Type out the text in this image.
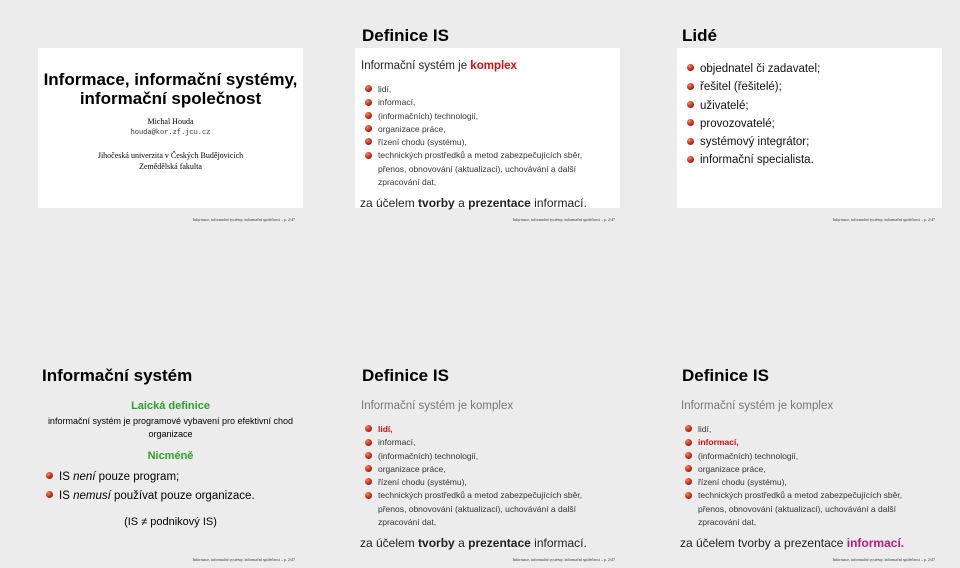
Informace, informační systémy, informační společnost
Michal Houda
houda@kor.zf.jcu.cz
Jihočeská univerzita v Českých Budějovicích
Zemědělská fakulta
Informace, informační systémy, informační společnost – p. 2/47
Definice IS
Informační systém je komplex
lidí,
informací,
(informačních) technologií,
organizace práce,
řízení chodu (systému),
technických prostředků a metod zabezpečujících sběr,
přenos, obnovování (aktualizaci), uchovávání a další
zpracování dat,
za účelem tvorby a prezentace informací.
Informace, informační systémy, informační společnost – p. 2/47
Lidé
objednatel či zadavatel;
řešitel (řešitelé);
uživatelé;
provozovatelé;
systémový integrátor;
informační specialista.
Informace, informační systémy, informační společnost – p. 2/47
Informační systém
Laická definice
informační systém je programové vybavení pro efektivní chod organizace
Nicméně
IS není pouze program;
IS nemusí používat pouze organizace.
(IS ≠ podnikový IS)
Informace, informační systémy, informační společnost – p. 2/47
Definice IS
Informační systém je komplex
lidí,
informací,
(informačních) technologií,
organizace práce,
řízení chodu (systému),
technických prostředků a metod zabezpečujících sběr,
přenos, obnovování (aktualizaci), uchovávání a další
zpracování dat,
za účelem tvorby a prezentace informací.
Informace, informační systémy, informační společnost – p. 2/47
Definice IS
Informační systém je komplex
lidí,
informací,
(informačních) technologií,
organizace práce,
řízení chodu (systému),
technických prostředků a metod zabezpečujících sběr,
přenos, obnovování (aktualizaci), uchovávání a další
zpracování dat,
za účelem tvorby a prezentace informací.
Informace, informační systémy, informační společnost – p. 2/47
